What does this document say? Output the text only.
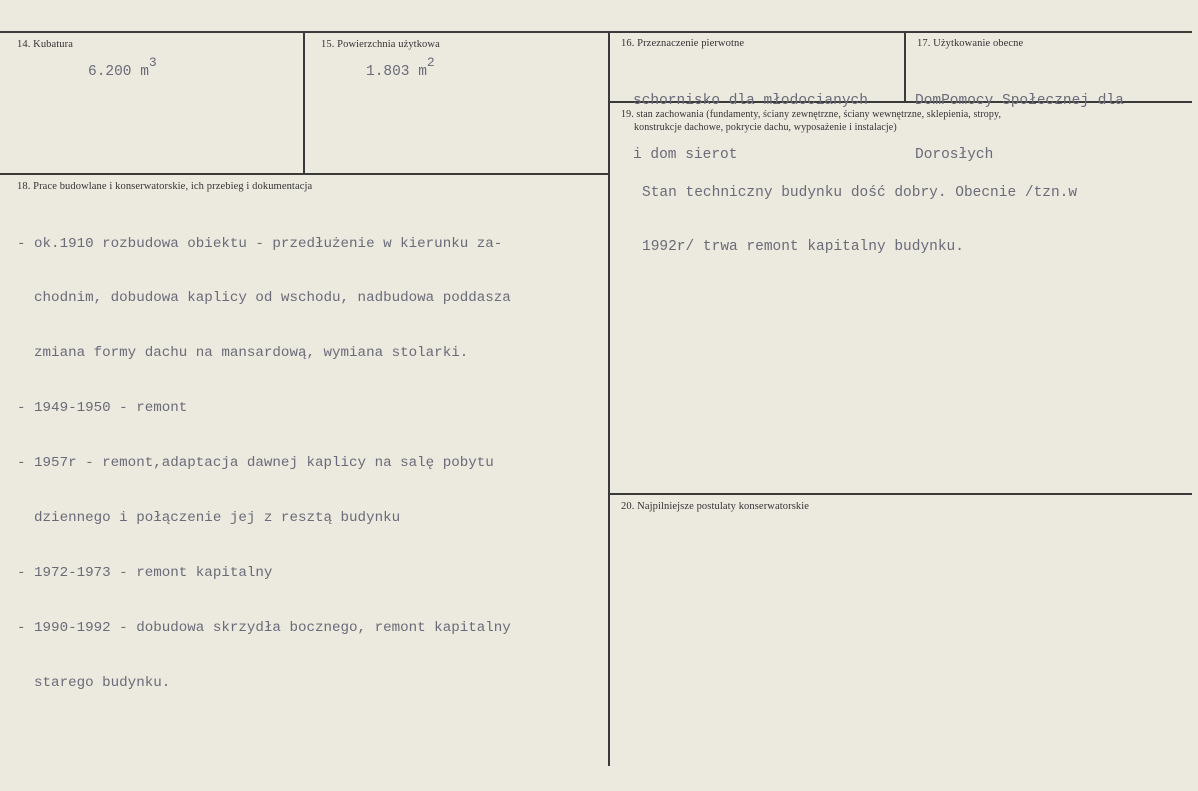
14. Kubatura
6.200 m3
15. Powierzchnia użytkowa
1.803 m2
16. Przeznaczenie pierwotne

schornisko dla młodocianych

i dom sierot

17. Użytkowanie obecne

DomPomocy Społecznej dla

Dorosłych

18. Prace budowlane i konserwatorskie, ich przebieg i dokumentacja

- ok.1910 rozbudowa obiektu - przedłużenie w kierunku za-

chodnim, dobudowa kaplicy od wschodu, nadbudowa poddasza

zmiana formy dachu na mansardową, wymiana stolarki.

- 1949-1950 - remont

- 1957r - remont,adaptacja dawnej kaplicy na salę pobytu

dziennego i połączenie jej z resztą budynku

- 1972-1973 - remont kapitalny

- 1990-1992 - dobudowa skrzydła bocznego, remont kapitalny

starego budynku.

19. stan zachowania (fundamenty, ściany zewnętrzne, ściany wewnętrzne, sklepienia, stropy,
konstrukcje dachowe, pokrycie dachu, wyposażenie i instalacje)

Stan techniczny budynku dość dobry. Obecnie /tzn.w

1992r/ trwa remont kapitalny budynku.

20. Najpilniejsze postulaty konserwatorskie
